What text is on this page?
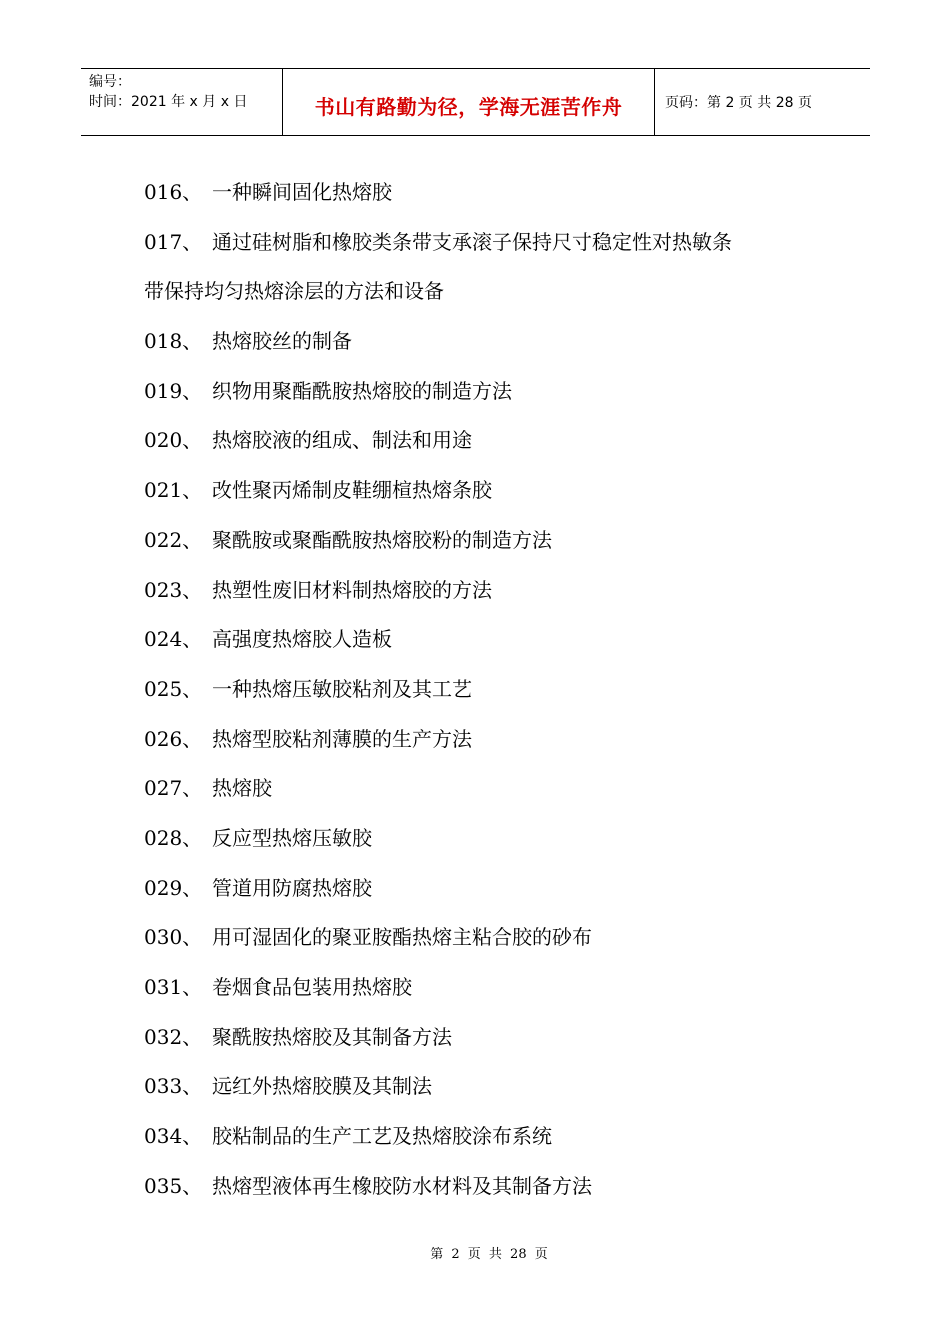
编号：
时间：2021 年 x 月 x 日	书山有路勤为径，学海无涯苦作舟	页码：第 2 页 共 28 页
016、 一种瞬间固化热熔胶
017、 通过硅树脂和橡胶类条带支承滚子保持尺寸稳定性对热敏条
带保持均匀热熔涂层的方法和设备
018、 热熔胶丝的制备
019、 织物用聚酯酰胺热熔胶的制造方法
020、 热熔胶液的组成、制法和用途
021、 改性聚丙烯制皮鞋绷楦热熔条胶
022、 聚酰胺或聚酯酰胺热熔胶粉的制造方法
023、 热塑性废旧材料制热熔胶的方法
024、 高强度热熔胶人造板
025、 一种热熔压敏胶粘剂及其工艺
026、 热熔型胶粘剂薄膜的生产方法
027、 热熔胶
028、 反应型热熔压敏胶
029、 管道用防腐热熔胶
030、 用可湿固化的聚亚胺酯热熔主粘合胶的砂布
031、 卷烟食品包装用热熔胶
032、 聚酰胺热熔胶及其制备方法
033、 远红外热熔胶膜及其制法
034、 胶粘制品的生产工艺及热熔胶涂布系统
035、 热熔型液体再生橡胶防水材料及其制备方法
第 2 页 共 28 页
